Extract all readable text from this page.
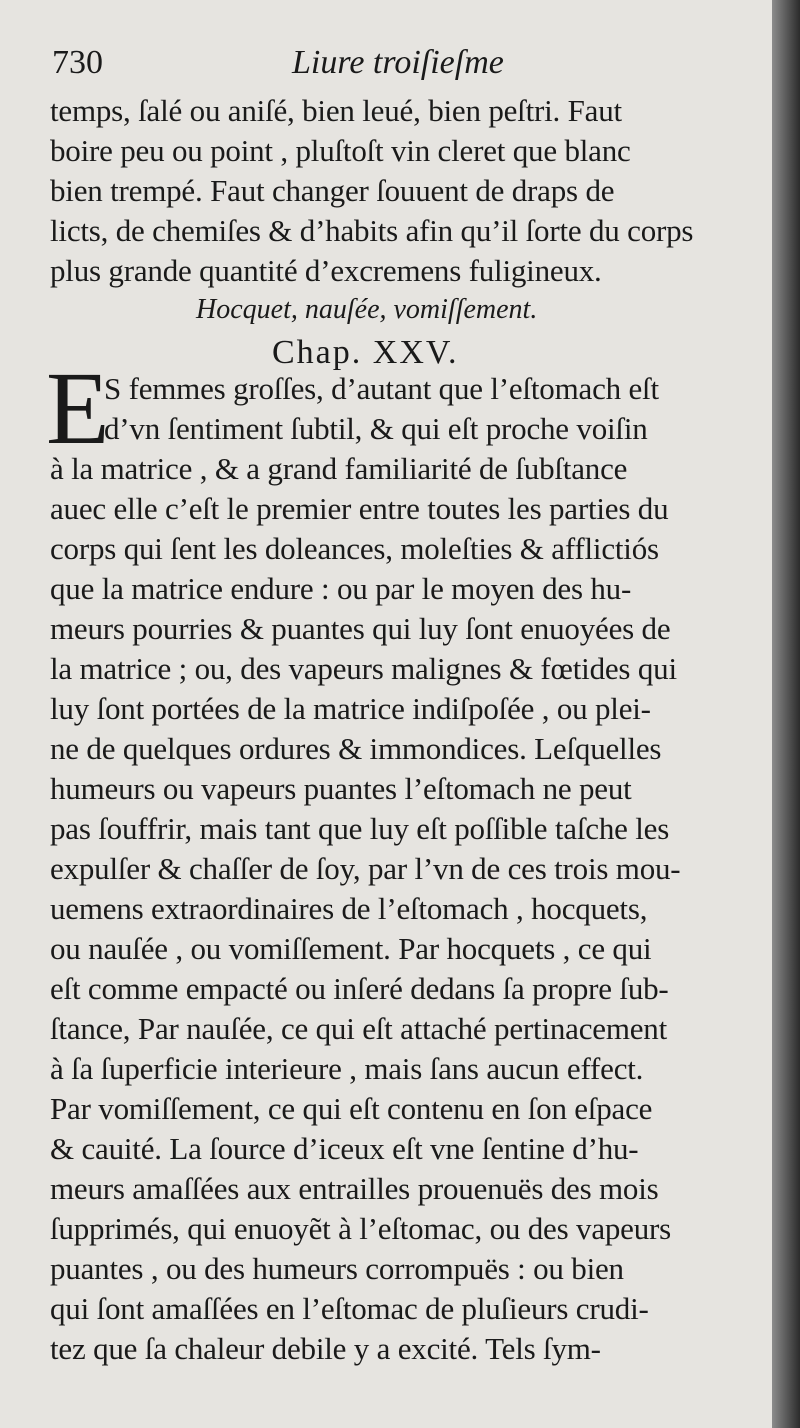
730	Liure troiſieſme
temps, ſalé ou aniſé, bien leué, bien peſtri. Faut
boire peu ou point , pluſtoſt vin cleret que blanc
bien trempé. Faut changer ſouuent de draps de
licts, de chemiſes & d’habits afin qu’il ſorte du corps
plus grande quantité d’excremens fuligineux.
Hocquet, nauſée, vomiſſement.
Chap. XXV.
E
S femmes groſſes, d’autant que l’eſtomach eſt
d’vn ſentiment ſubtil, & qui eſt proche voiſin
à la matrice , & a grand familiarité de ſubſtance
auec elle c’eſt le premier entre toutes les parties du
corps qui ſent les doleances, moleſties & afflictiós
que la matrice endure : ou par le moyen des hu-
meurs pourries & puantes qui luy ſont enuoyées de
la matrice ; ou, des vapeurs malignes & fœtides qui
luy ſont portées de la matrice indiſpoſée , ou plei-
ne de quelques ordures & immondices. Leſquelles
humeurs ou vapeurs puantes l’eſtomach ne peut
pas ſouffrir, mais tant que luy eſt poſſible taſche les
expulſer & chaſſer de ſoy, par l’vn de ces trois mou-
uemens extraordinaires de l’eſtomach , hocquets,
ou nauſée , ou vomiſſement. Par hocquets , ce qui
eſt comme empacté ou inſeré dedans ſa propre ſub-
ſtance, Par nauſée, ce qui eſt attaché pertinacement
à ſa ſuperficie interieure , mais ſans aucun effect.
Par vomiſſement, ce qui eſt contenu en ſon eſpace
& cauité. La ſource d’iceux eſt vne ſentine d’hu-
meurs amaſſées aux entrailles prouenuës des mois
ſupprimés, qui enuoyẽt à l’eſtomac, ou des vapeurs
puantes , ou des humeurs corrompuës : ou bien
qui ſont amaſſées en l’eſtomac de pluſieurs crudi-
tez que ſa chaleur debile y a excité. Tels ſym-
